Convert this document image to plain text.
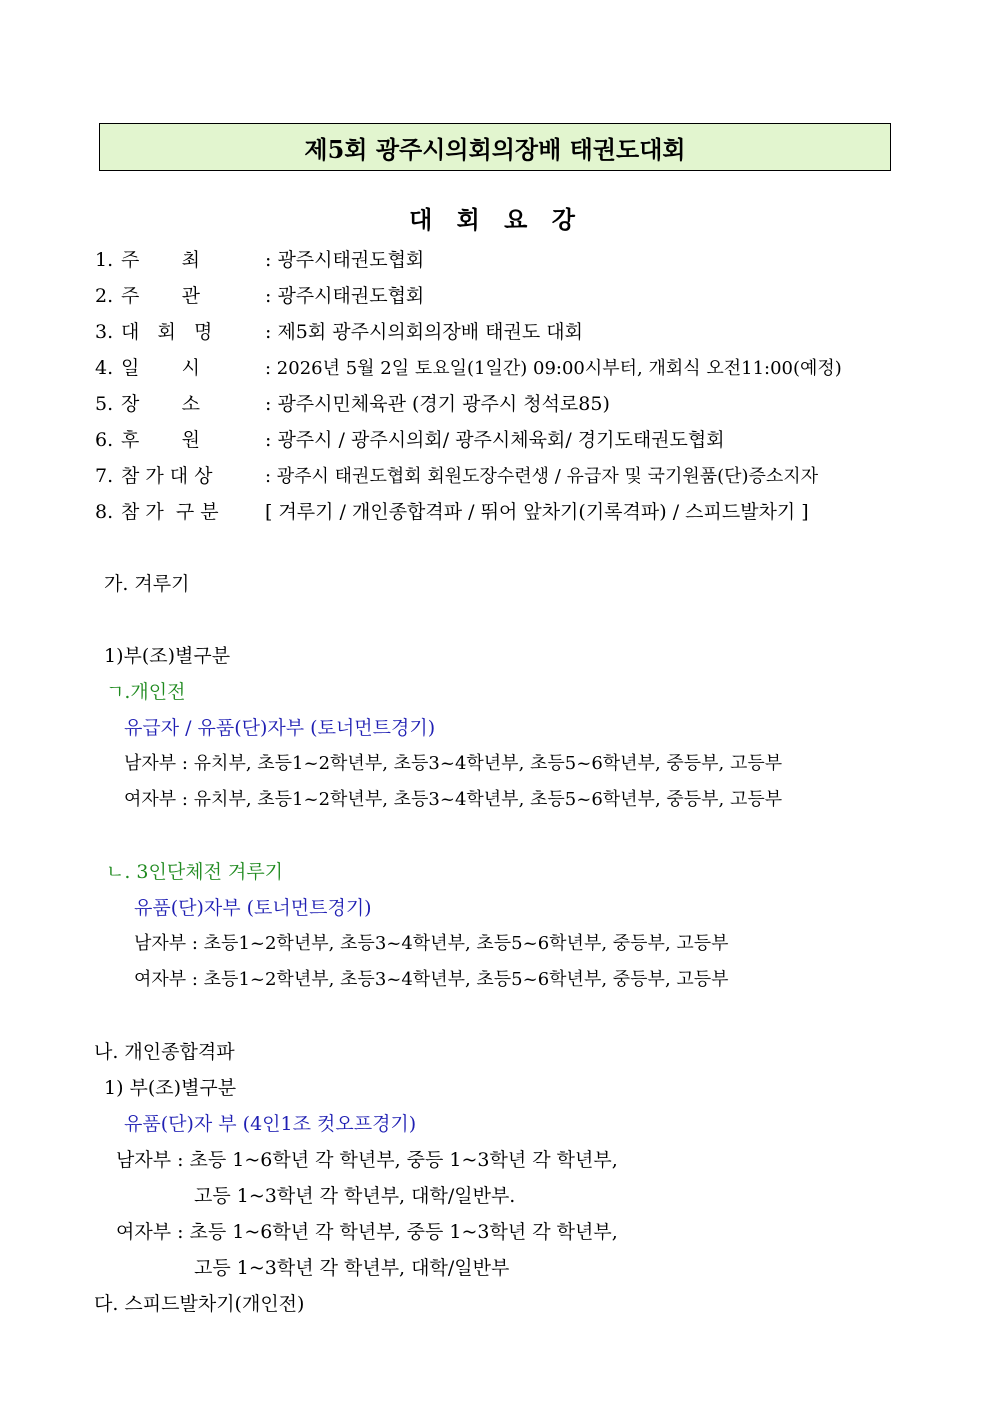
제5회 광주시의회의장배 태권도대회
대 회 요 강
1. 주       최	: 광주시태권도협회
2. 주       관	: 광주시태권도협회
3. 대   회   명	: 제5회 광주시의회의장배 태권도 대회
4. 일       시	: 2026년 5월 2일 토요일(1일간) 09:00시부터, 개회식 오전11:00(예정)
5. 장       소	: 광주시민체육관 (경기 광주시 청석로85)
6. 후       원	: 광주시 / 광주시의회/ 광주시체육회/ 경기도태권도협회
7. 참 가 대 상	: 광주시 태권도협회 회원도장수련생 / 유급자 및 국기원품(단)증소지자
8. 참 가  구 분 [ 겨루기 / 개인종합격파 / 뛰어 앞차기(기록격파) / 스피드발차기 ]
가. 겨루기
1)부(조)별구분
ㄱ.개인전
유급자 / 유품(단)자부 (토너먼트경기)
남자부 : 유치부, 초등1~2학년부, 초등3~4학년부, 초등5~6학년부, 중등부, 고등부
여자부 : 유치부, 초등1~2학년부, 초등3~4학년부, 초등5~6학년부, 중등부, 고등부
ㄴ. 3인단체전 겨루기
유품(단)자부 (토너먼트경기)
남자부 : 초등1~2학년부, 초등3~4학년부, 초등5~6학년부, 중등부, 고등부
여자부 : 초등1~2학년부, 초등3~4학년부, 초등5~6학년부, 중등부, 고등부
나. 개인종합격파
1) 부(조)별구분
유품(단)자 부 (4인1조 컷오프경기)
남자부 : 초등 1~6학년 각 학년부, 중등 1~3학년 각 학년부,
고등 1~3학년 각 학년부, 대학/일반부.
여자부 : 초등 1~6학년 각 학년부, 중등 1~3학년 각 학년부,
고등 1~3학년 각 학년부, 대학/일반부
다. 스피드발차기(개인전)
